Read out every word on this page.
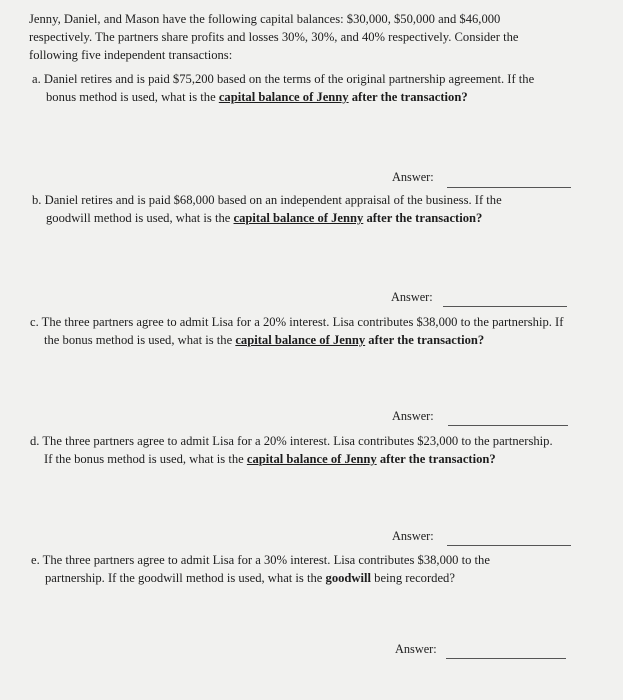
Jenny, Daniel, and Mason have the following capital balances: $30,000, $50,000 and $46,000
respectively. The partners share profits and losses 30%, 30%, and 40% respectively. Consider the
following five independent transactions:
a. Daniel retires and is paid $75,200 based on the terms of the original partnership agreement. If the
bonus method is used, what is the capital balance of Jenny after the transaction?
Answer:
b. Daniel retires and is paid $68,000 based on an independent appraisal of the business. If the
goodwill method is used, what is the capital balance of Jenny after the transaction?
Answer:
c. The three partners agree to admit Lisa for a 20% interest. Lisa contributes $38,000 to the partnership. If
the bonus method is used, what is the capital balance of Jenny after the transaction?
Answer:
d. The three partners agree to admit Lisa for a 20% interest. Lisa contributes $23,000 to the partnership.
If the bonus method is used, what is the capital balance of Jenny after the transaction?
Answer:
e. The three partners agree to admit Lisa for a 30% interest. Lisa contributes $38,000 to the
partnership. If the goodwill method is used, what is the goodwill being recorded?
Answer:
